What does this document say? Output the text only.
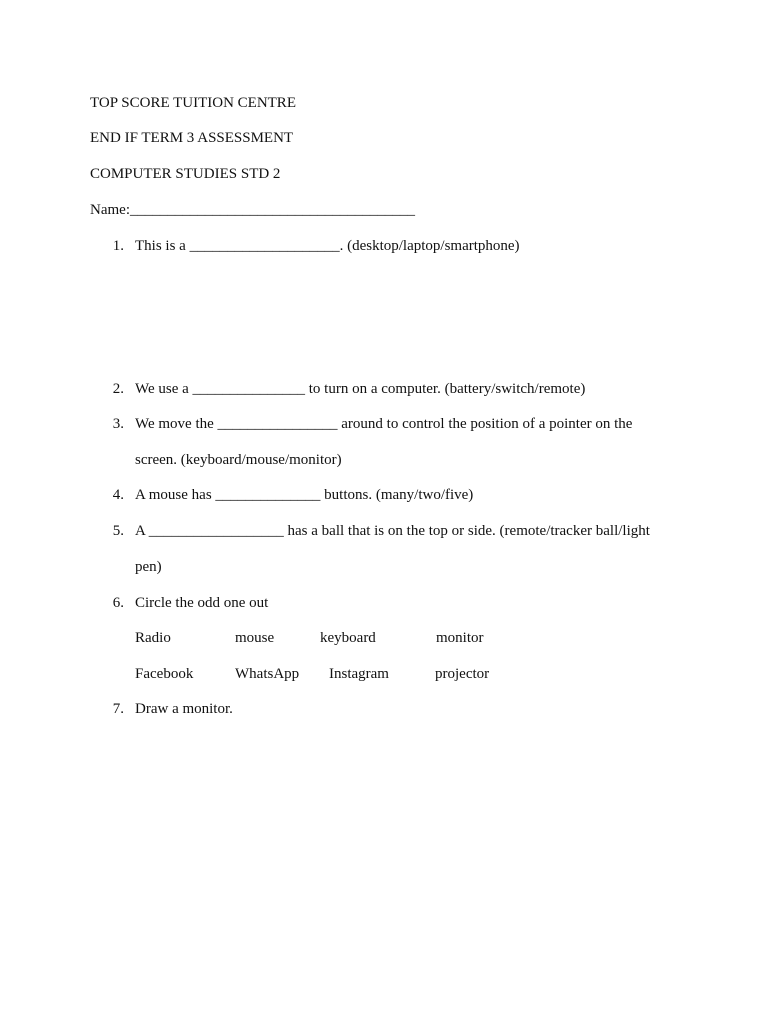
TOP SCORE TUITION CENTRE
END IF TERM 3 ASSESSMENT
COMPUTER STUDIES STD 2
Name:______________________________________
1. This is a ____________________. (desktop/laptop/smartphone)
2. We use a _______________ to turn on a computer. (battery/switch/remote)
3. We move the ________________ around to control the position of a pointer on the
screen. (keyboard/mouse/monitor)
4. A mouse has ______________ buttons. (many/two/five)
5. A __________________ has a ball that is on the top or side. (remote/tracker ball/light
pen)
6. Circle the odd one out
Radio	mouse	keyboard	monitor
Facebook	WhatsApp Instagram	projector
7. Draw a monitor.
